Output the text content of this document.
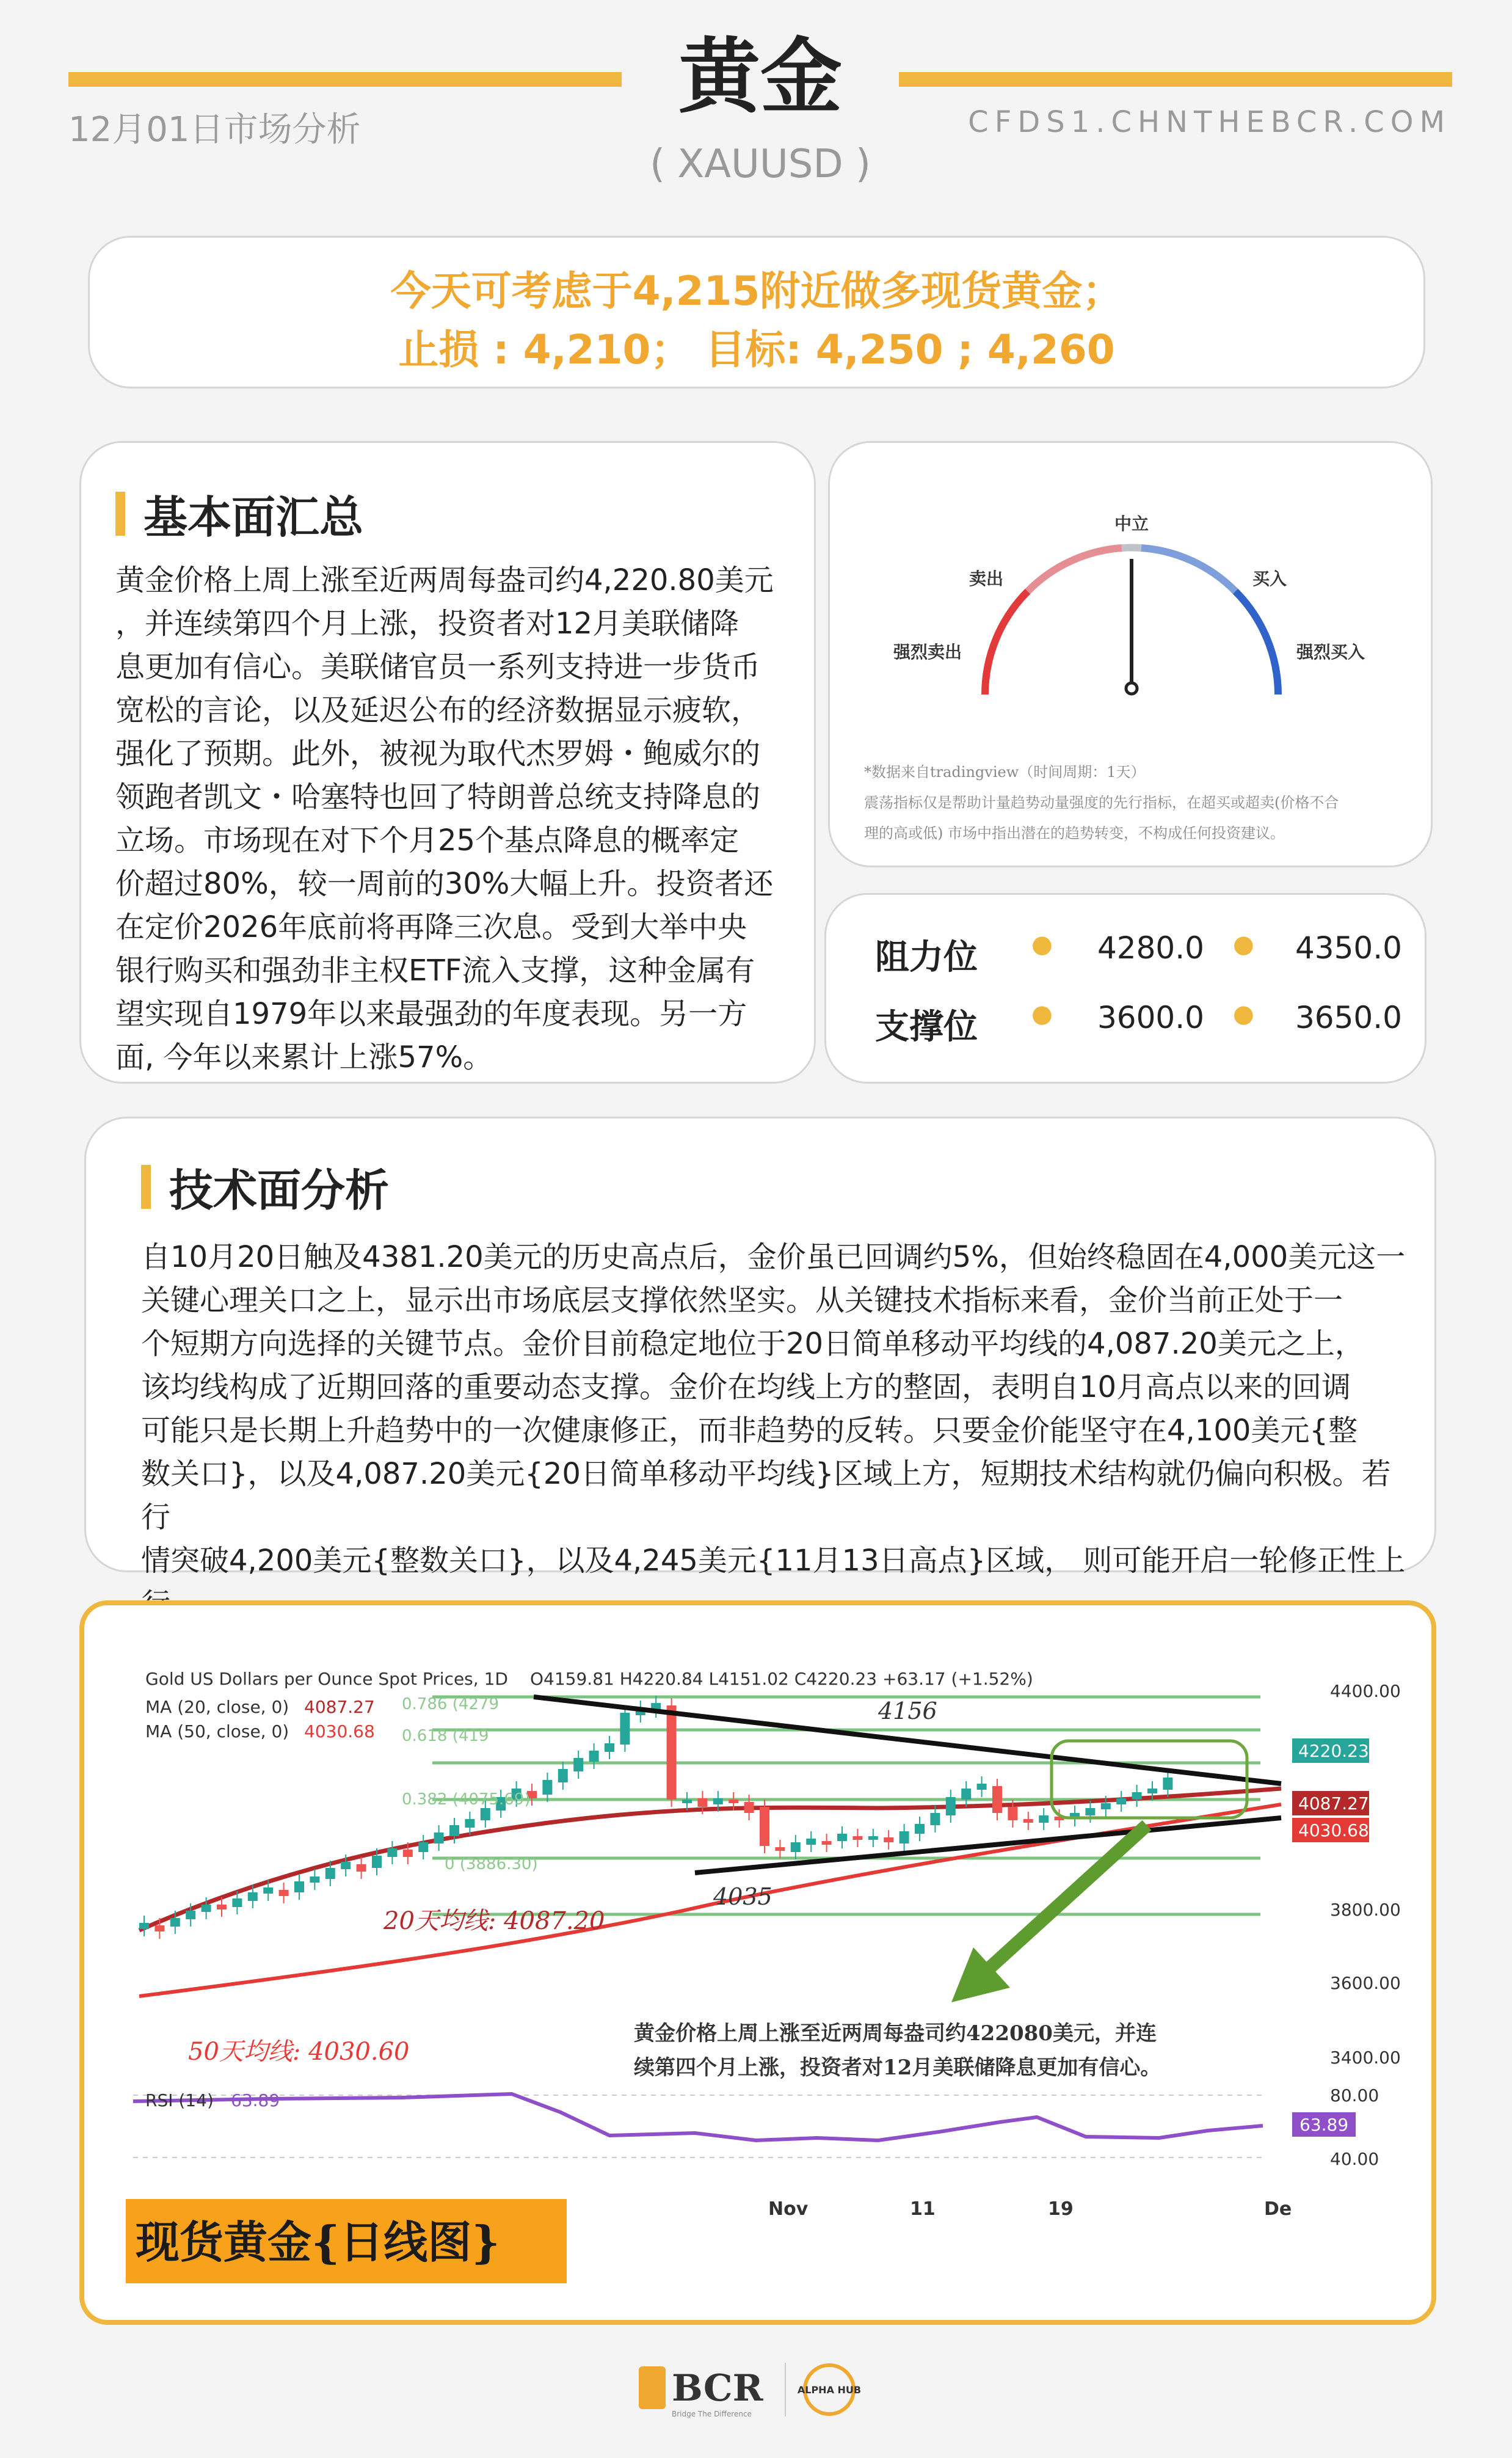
黄金
( XAUUSD )
12月01日市场分析	CFDS1.CHNTHEBCR.COM
今天可考虑于4,215附近做多现货黄金；
止损 : 4,210； 目标: 4,250 ; 4,260
基本面汇总
黄金价格上周上涨至近两周每盎司约4,220.80美元
，并连续第四个月上涨，投资者对12月美联储降
息更加有信心。美联储官员一系列支持进一步货币
宽松的言论，以及延迟公布的经济数据显示疲软，
强化了预期。此外，被视为取代杰罗姆・鲍威尔的
领跑者凯文・哈塞特也回了特朗普总统支持降息的
立场。市场现在对下个月25个基点降息的概率定
价超过80%，较一周前的30%大幅上升。投资者还
在定价2026年底前将再降三次息。受到大举中央
银行购买和强劲非主权ETF流入支撑，这种金属有
望实现自1979年以来最强劲的年度表现。另一方
面, 今年以来累计上涨57%。
中立
卖出	买入
强烈卖出	强烈买入
*数据来自tradingview（时间周期：1天）
震荡指标仅是帮助计量趋势动量强度的先行指标，在超买或超卖(价格不合
理的高或低) 市场中指出潜在的趋势转变，不构成任何投资建议。
阻力位 ● 4280.0 ● 4350.0
支撑位 ● 3600.0 ● 3650.0
技术面分析
自10月20日触及4381.20美元的历史高点后，金价虽已回调约5%，但始终稳固在4,000美元这一
关键心理关口之上，显示出市场底层支撑依然坚实。从关键技术指标来看，金价当前正处于一
个短期方向选择的关键节点。金价目前稳定地位于20日简单移动平均线的4,087.20美元之上，
该均线构成了近期回落的重要动态支撑。金价在均线上方的整固，表明自10月高点以来的回调
可能只是长期上升趋势中的一次健康修正，而非趋势的反转。只要金价能坚守在4,100美元{整
数关口}，以及4,087.20美元{20日简单移动平均线}区域上方，短期技术结构就仍偏向积极。若行
情突破4,200美元{整数关口}，以及4,245美元{11月13日高点}区域， 则可能开启一轮修正性上
Gold US Dollars per Ounce Spot Prices, 1D O4159.81 H4220.84 L4151.02 C4220.23 +63.17 (+1.52%)
MA (20, close, 0) 4087.27
MA (50, close, 0) 4030.68
0.786 (4279
0.618 (419
0.382 (4075.69)
0 (3886.30)
4400.00
3800.00
3600.00
3400.00
4220.23
4087.27
4030.68
4156
4035
20天均线: 4087.20
50天均线: 4030.60
黄金价格上周上涨至近两周每盎司约422080美元，并连
续第四个月上涨，投资者对12月美联储降息更加有信心。
RSI (14) 63.89	80.00
40.00
63.89
Nov	11	19	De
现货黄金{日线图}
BCR
Bridge The Difference
ALPHA HUB
